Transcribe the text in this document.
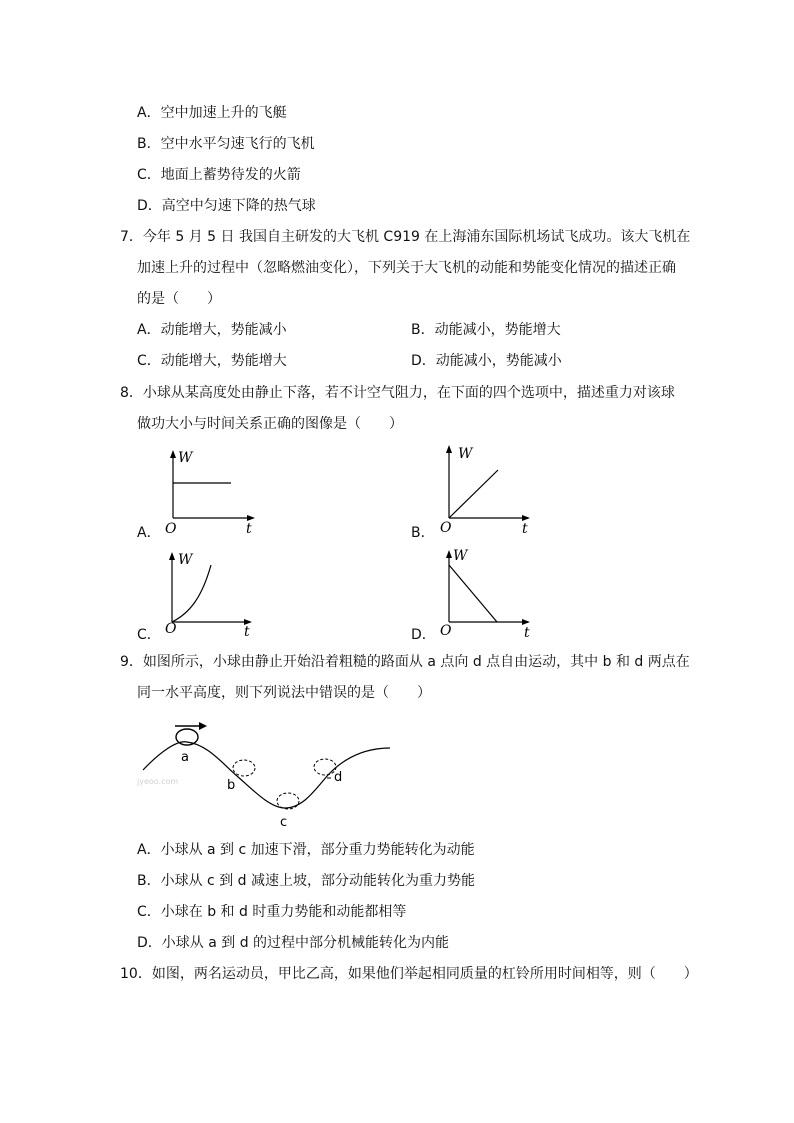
A．空中加速上升的飞艇
B．空中水平匀速飞行的飞机
C．地面上蓄势待发的火箭
D．高空中匀速下降的热气球
7．今年 5 月 5 日 我国自主研发的大飞机 C919 在上海浦东国际机场试飞成功。该大飞机在
加速上升的过程中（忽略燃油变化），下列关于大飞机的动能和势能变化情况的描述正确
的是（　　）
A．动能增大，势能减小	B．动能减小，势能增大
C．动能增大，势能增大	D．动能减小，势能减小
8．小球从某高度处由静止下落，若不计空气阻力，在下面的四个选项中，描述重力对该球
做功大小与时间关系正确的图像是（　　）
A．
W
O	t	B．
W
O	t
C．
W
O	t	D．
W
O	t
9．如图所示，小球由静止开始沿着粗糙的路面从 a 点向 d 点自由运动，其中 b 和 d 两点在
同一水平高度，则下列说法中错误的是（　　）
a
b
c
d
jyeoo.com
A．小球从 a 到 c 加速下滑，部分重力势能转化为动能
B．小球从 c 到 d 减速上坡，部分动能转化为重力势能
C．小球在 b 和 d 时重力势能和动能都相等
D．小球从 a 到 d 的过程中部分机械能转化为内能
10．如图，两名运动员，甲比乙高，如果他们举起相同质量的杠铃所用时间相等，则（　　）
